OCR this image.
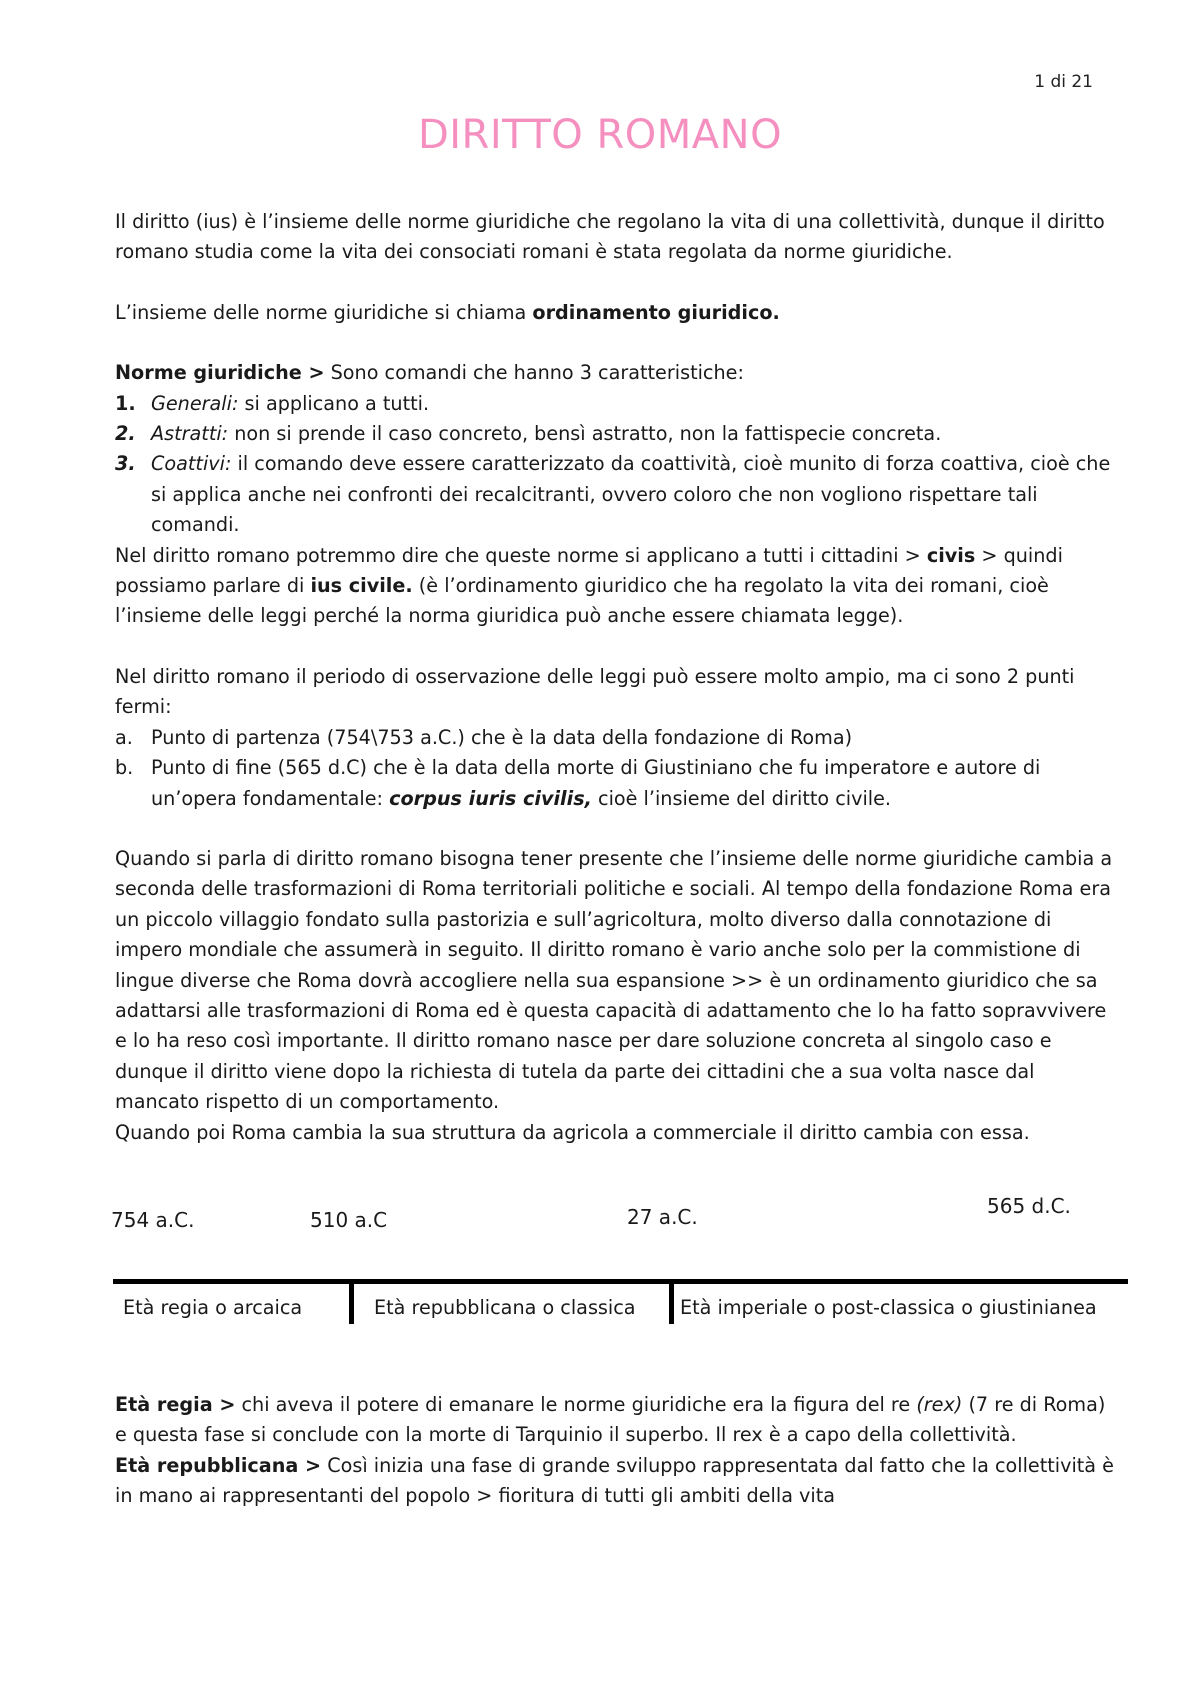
1 di 21
DIRITTO ROMANO

Il diritto (ius) è l’insieme delle norme giuridiche che regolano la vita di una collettività, dunque il diritto romano studia come la vita dei consociati romani è stata regolata da norme giuridiche.

L’insieme delle norme giuridiche si chiama ordinamento giuridico.

Norme giuridiche > Sono comandi che hanno 3 caratteristiche:

1. Generali: si applicano a tutti.
2. Astratti: non si prende il caso concreto, bensì astratto, non la fattispecie concreta.
3. Coattivi: il comando deve essere caratterizzato da coattività, cioè munito di forza coattiva, cioè che si applica anche nei confronti dei recalcitranti, ovvero coloro che non vogliono rispettare tali comandi.

Nel diritto romano potremmo dire che queste norme si applicano a tutti i cittadini > civis > quindi possiamo parlare di ius civile. (è l’ordinamento giuridico che ha regolato la vita dei romani, cioè l’insieme delle leggi perché la norma giuridica può anche essere chiamata legge).

Nel diritto romano il periodo di osservazione delle leggi può essere molto ampio, ma ci sono 2 punti fermi:

a. Punto di partenza (754\753 a.C.) che è la data della fondazione di Roma)
b. Punto di fine (565 d.C) che è la data della morte di Giustiniano che fu imperatore e autore di un’opera fondamentale: corpus iuris civilis, cioè l’insieme del diritto civile.

Quando si parla di diritto romano bisogna tener presente che l’insieme delle norme giuridiche cambia a seconda delle trasformazioni di Roma territoriali politiche e sociali. Al tempo della fondazione Roma era un piccolo villaggio fondato sulla pastorizia e sull’agricoltura, molto diverso dalla connotazione di impero mondiale che assumerà in seguito. Il diritto romano è vario anche solo per la commistione di lingue diverse che Roma dovrà accogliere nella sua espansione >> è un ordinamento giuridico che sa adattarsi alle trasformazioni di Roma ed è questa capacità di adattamento che lo ha fatto sopravvivere e lo ha reso così importante. Il diritto romano nasce per dare soluzione concreta al singolo caso e dunque il diritto viene dopo la richiesta di tutela da parte dei cittadini che a sua volta nasce dal mancato rispetto di un comportamento.

Quando poi Roma cambia la sua struttura da agricola a commerciale il diritto cambia con essa.

754 a.C.	510 a.C	27 a.C.	565 d.C.
Età regia o arcaica	Età repubblicana o classica Età imperiale o post-classica o giustinianea

Età regia > chi aveva il potere di emanare le norme giuridiche era la figura del re (rex) (7 re di Roma) e questa fase si conclude con la morte di Tarquinio il superbo. Il rex è a capo della collettività.

Età repubblicana > Così inizia una fase di grande sviluppo rappresentata dal fatto che la collettività è in mano ai rappresentanti del popolo > fioritura di tutti gli ambiti della vita
